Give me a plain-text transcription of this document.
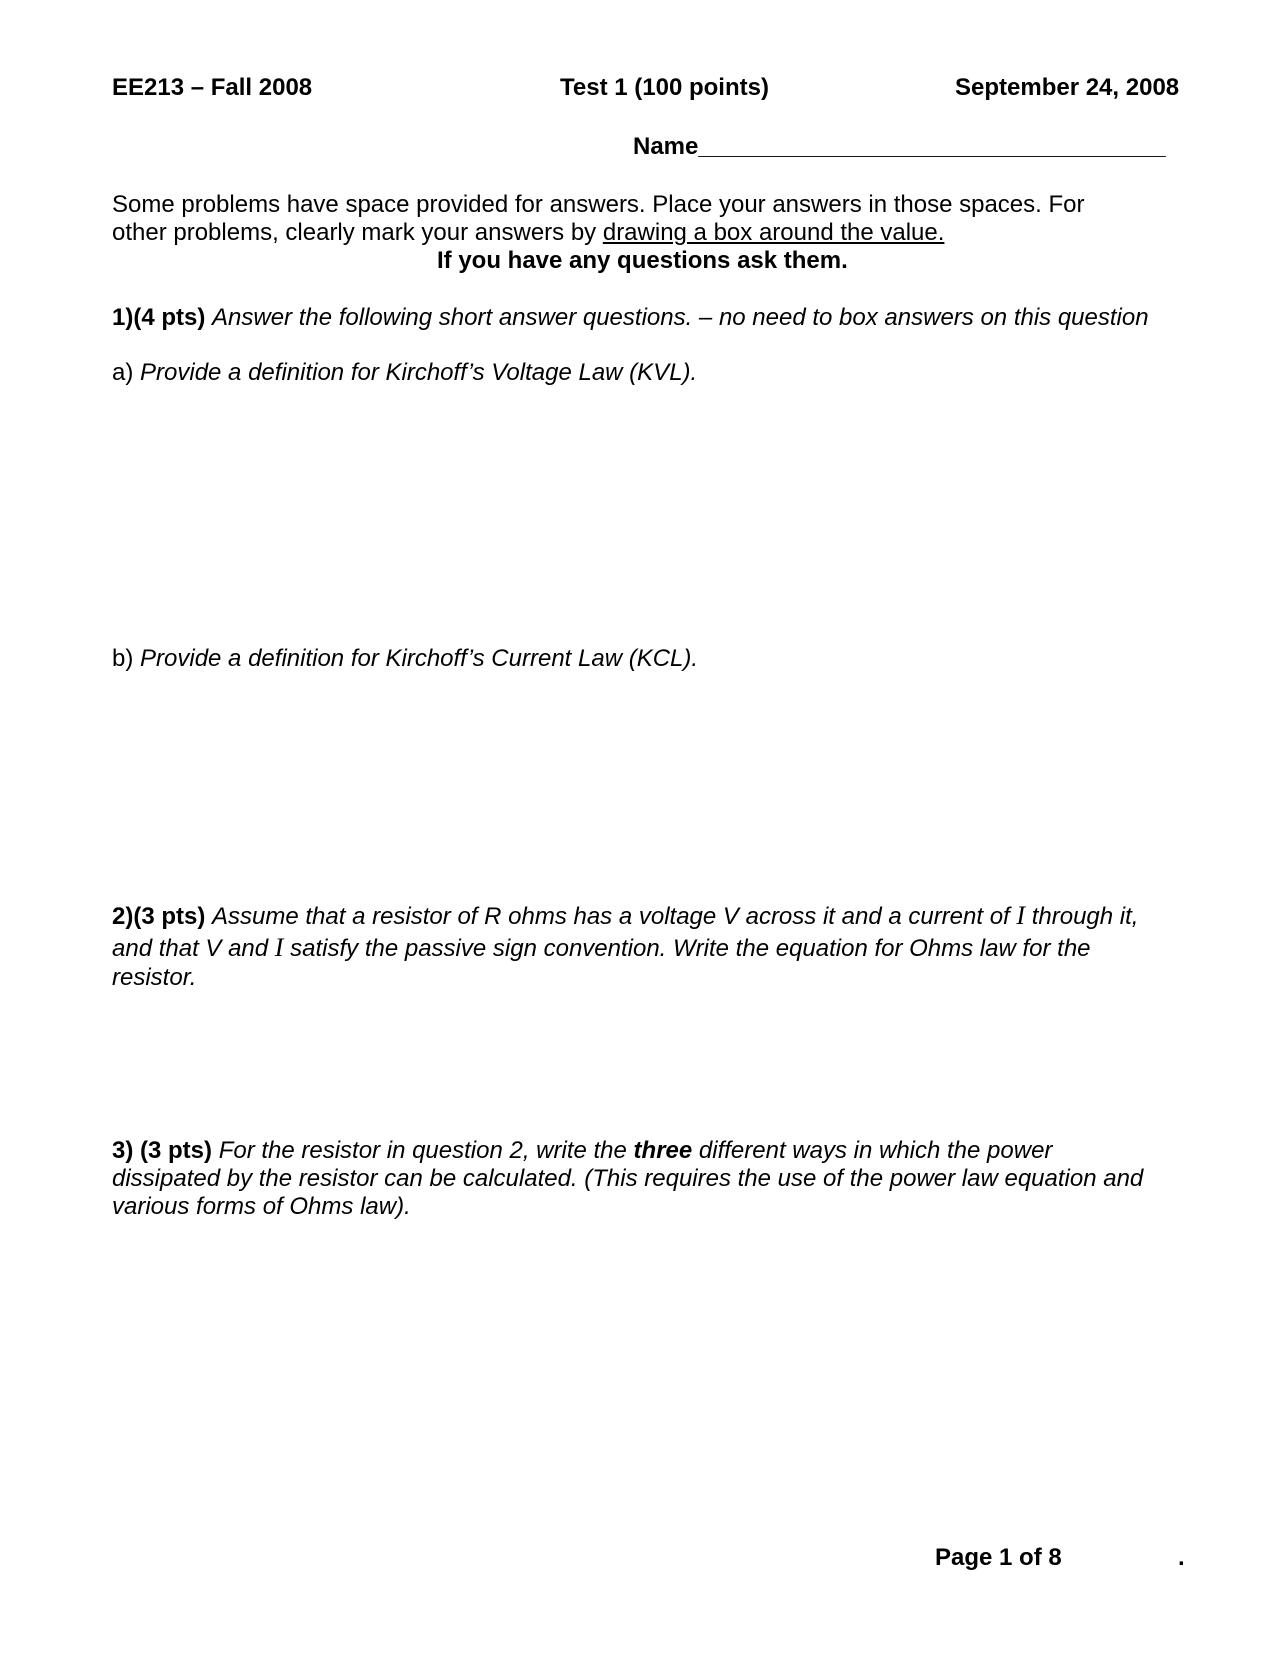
EE213 – Fall 2008	Test 1 (100 points)	September 24, 2008
Name___________________________________
Some problems have space provided for answers. Place your answers in those spaces. For
other problems, clearly mark your answers by drawing a box around the value.
If you have any questions ask them.
1)(4 pts) Answer the following short answer questions. – no need to box answers on this question
a) Provide a definition for Kirchoff’s Voltage Law (KVL).
b) Provide a definition for Kirchoff’s Current Law (KCL).
2)(3 pts) Assume that a resistor of R ohms has a voltage V across it and a current of I through it,
and that V and I satisfy the passive sign convention. Write the equation for Ohms law for the
resistor.
3) (3 pts) For the resistor in question 2, write the three different ways in which the power
dissipated by the resistor can be calculated. (This requires the use of the power law equation and
various forms of Ohms law).
Page 1 of 8	.
